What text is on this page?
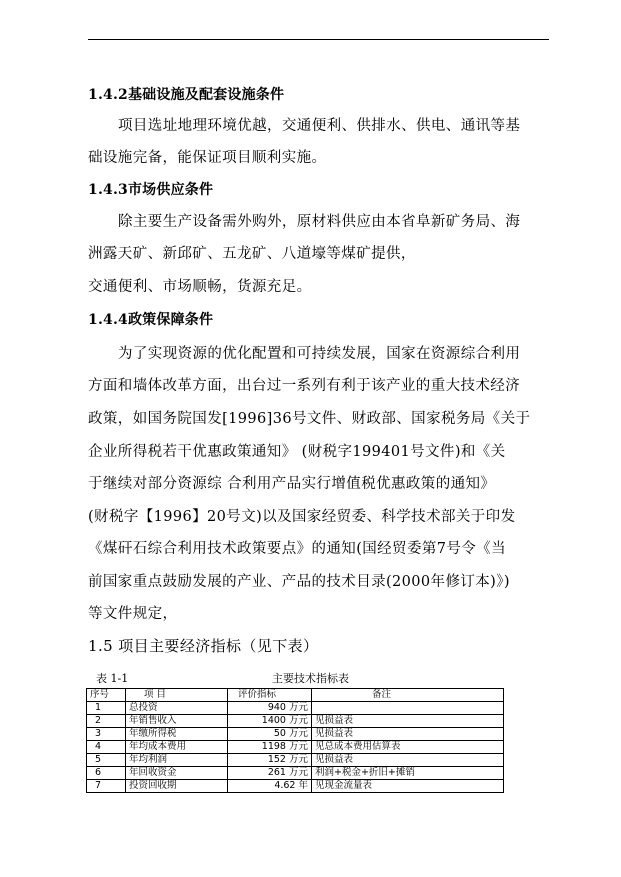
1.4.2基础设施及配套设施条件
项目选址地理环境优越，交通便利、供排水、供电、通讯等基
础设施完备，能保证项目顺利实施。
1.4.3市场供应条件
除主要生产设备需外购外，原材料供应由本省阜新矿务局、海
洲露天矿、新邱矿、五龙矿、八道壕等煤矿提供，
交通便利、市场顺畅，货源充足。
1.4.4政策保障条件
为了实现资源的优化配置和可持续发展，国家在资源综合利用
方面和墙体改革方面，出台过一系列有利于该产业的重大技术经济
政策，如国务院国发[1996]36号文件、财政部、国家税务局《关于
企业所得税若干优惠政策通知》 (财税字199401号文件)和《关
于继续对部分资源综 合利用产品实行增值税优惠政策的通知》
(财税字【1996】20号文)以及国家经贸委、科学技术部关于印发
《煤矸石综合利用技术政策要点》的通知(国经贸委第7号令《当
前国家重点鼓励发展的产业、产品的技术目录(2000年修订本)》)
等文件规定，
1.5 项目主要经济指标（见下表）
表 1-1	主要技术指标表
序号	项 目	评价指标	备注
1	总投资	940 万元	
2	年销售收入	1400 万元	见损益表
3	年缴所得税	50 万元	见损益表
4	年均成本费用	1198 万元	见总成本费用估算表
5	年均利润	152 万元	见损益表
6	年回收资金	261 万元	利润+税金+折旧+摊销
7	投资回收期	4.62 年	见现金流量表
